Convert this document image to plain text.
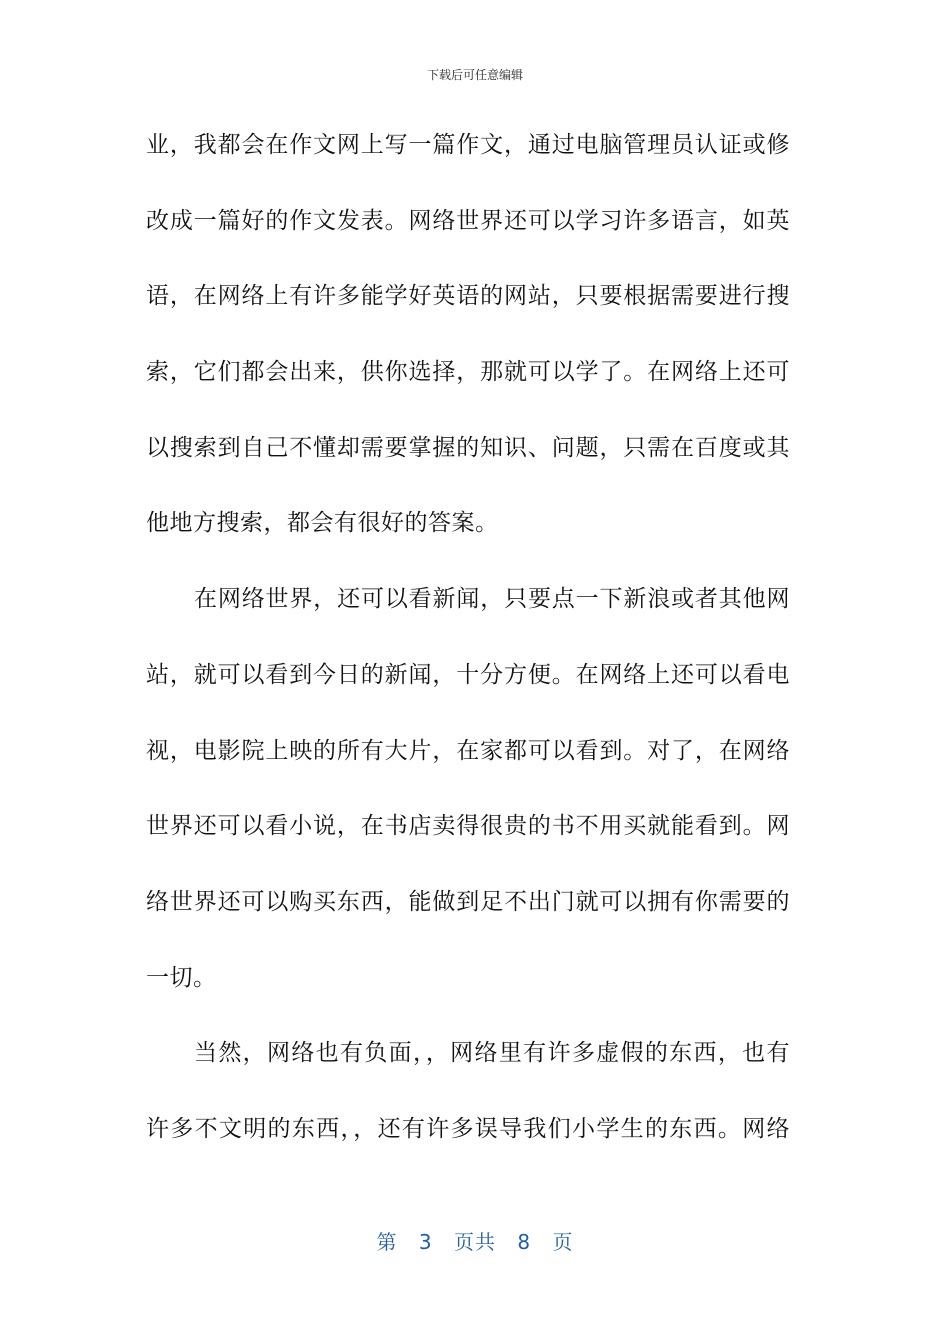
下载后可任意编辑
业，我都会在作文网上写一篇作文，通过电脑管理员认证或修
改成一篇好的作文发表。网络世界还可以学习许多语言，如英
语，在网络上有许多能学好英语的网站，只要根据需要进行搜
索，它们都会出来，供你选择，那就可以学了。在网络上还可
以搜索到自己不懂却需要掌握的知识、问题，只需在百度或其
他地方搜索，都会有很好的答案。
在网络世界，还可以看新闻，只要点一下新浪或者其他网
站，就可以看到今日的新闻，十分方便。在网络上还可以看电
视，电影院上映的所有大片，在家都可以看到。对了，在网络
世界还可以看小说，在书店卖得很贵的书不用买就能看到。网
络世界还可以购买东西，能做到足不出门就可以拥有你需要的
一切。
当然，网络也有负面，，网络里有许多虚假的东西，也有
许多不文明的东西，，还有许多误导我们小学生的东西。网络
第 3 页共 8 页
